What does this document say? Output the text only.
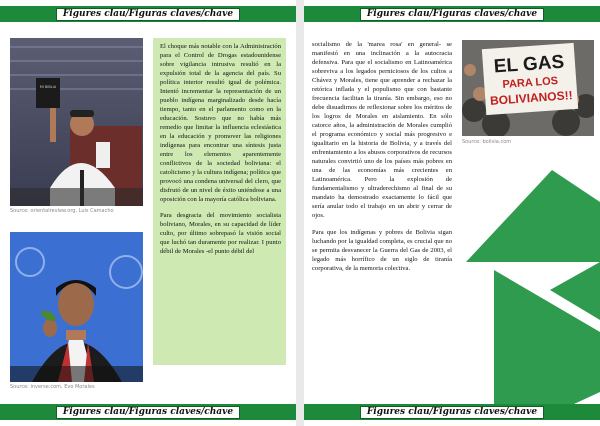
Figures clau/Figuras claves/chave
MI BIBLIA
Source: orientalreview.org, Luis Camacho
Source: inverse.com, Evo Morales

El choque más notable con la Administración para el Control de Drogas estadounidense sobre vigilancia intrusiva resultó en la expulsión total de la agencia del país. Su política interior resultó igual de polémica. Intentó incrementar la representación de un pueblo indígena marginalizado desde hacía tiempo, tanto en el parlamento como en la educación. Sostuvo que no había más remedio que limitar la influencia eclesiástica en la educación y promover las religiones indígenas para encontrar una síntesis justa entre los elementos aparentemente conflictivos de la sociedad boliviana: el catolicismo y la cultura indígena; política que provocó una condena universal del clero, que disfrutó de un nivel de éxito uniéndose a una oposición con la mayoría católica boliviana.

Para desgracia del movimiento socialista boliviano, Morales, en su capacidad de líder culto, por último sobrepasó la visión social que luchó tan duramente por realizar. I punto débil de Morales -el punto débil del

Figures clau/Figuras claves/chave
Figures clau/Figuras claves/chave
EL GAS
PARA LOS
BOLIVIANOS!!
Source: bolivia.com
Figures clau/Figuras claves/chave

socialismo de la 'marea rosa' en general- se manifestó en una inclinación a la autocracia defensiva. Para que el socialismo en Latinoamérica sobreviva a los legados perniciosos de los cultos a Chávez y Morales, tiene que aprender a rechazar la retórica inflada y el populismo que con bastante frecuencia facilitan la tiranía. Sin embargo, eso no debe disuadirnos de reflexionar sobre los méritos de los logros de Morales en aislamiento. En sólo catorce años, la administración de Morales cumplió el programa económico y social más progresivo e igualitario en la historia de Bolivia, y a través del enfrentamiento a los abusos corporativos de recursos naturales convirtió uno de los países más pobres en una de las economías más crecientes en Latinoamérica. Pero la explosión de fundamentalismo y ultraderechismo al final de su mandato ha demostrado exactamente lo fácil que sería anular todo el trabajo en un abrir y cerrar de ojos.

Para que los indígenas y pobres de Bolivia sigan luchando por la igualdad completa, es crucial que no se permita desvanecer la Guerra del Gas de 2003, el legado más horrífico de un siglo de tiranía corporativa, de la memoria colectiva.
